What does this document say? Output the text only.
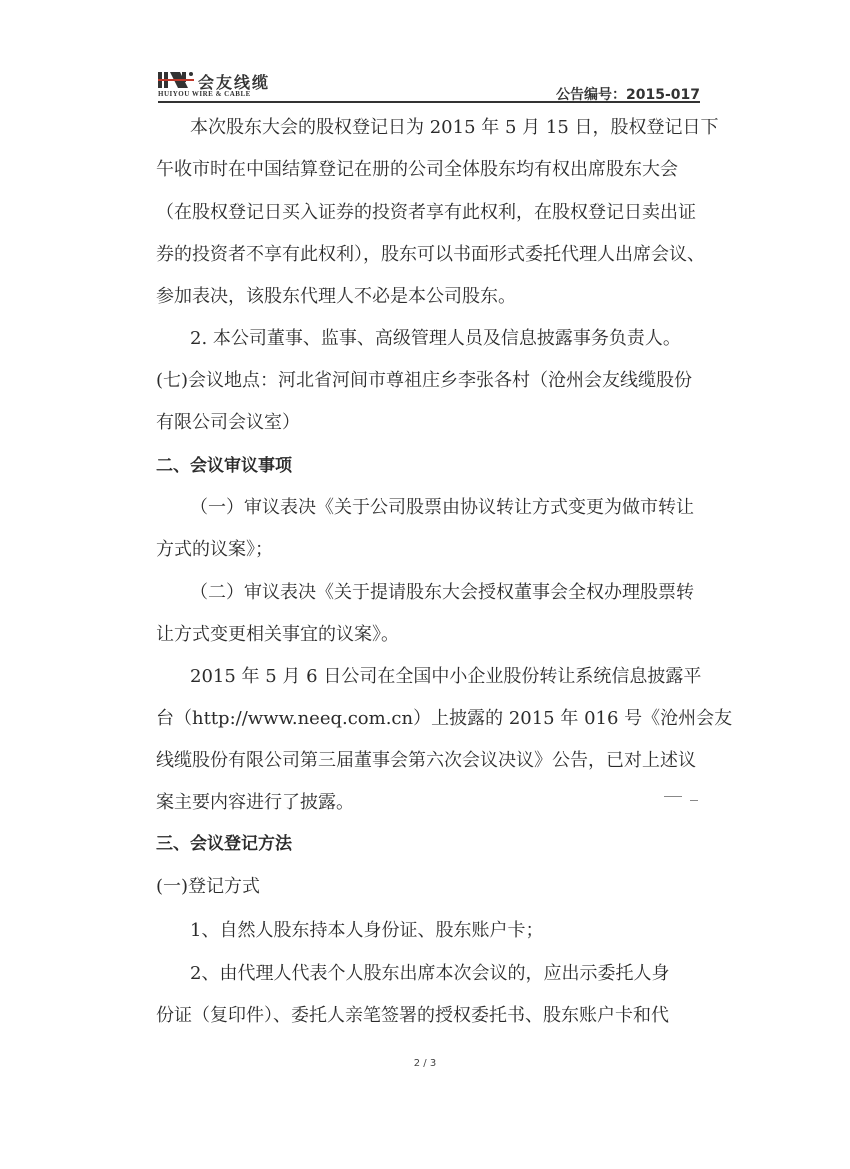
会友线缆
HUIYOU WIRE & CABLE	公告编号：2015-017
本次股东大会的股权登记日为 2015 年 5 月 15 日，股权登记日下
午收市时在中国结算登记在册的公司全体股东均有权出席股东大会
（在股权登记日买入证券的投资者享有此权利，在股权登记日卖出证
券的投资者不享有此权利），股东可以书面形式委托代理人出席会议、
参加表决，该股东代理人不必是本公司股东。
2. 本公司董事、监事、高级管理人员及信息披露事务负责人。
(七)会议地点：河北省河间市尊祖庄乡李张各村（沧州会友线缆股份
有限公司会议室）
二、会议审议事项
（一）审议表决《关于公司股票由协议转让方式变更为做市转让
方式的议案》；
（二）审议表决《关于提请股东大会授权董事会全权办理股票转
让方式变更相关事宜的议案》。
2015 年 5 月 6 日公司在全国中小企业股份转让系统信息披露平
台（http://www.neeq.com.cn）上披露的 2015 年 016 号《沧州会友
线缆股份有限公司第三届董事会第六次会议决议》公告，已对上述议
案主要内容进行了披露。
三、会议登记方法
(一)登记方式
1、自然人股东持本人身份证、股东账户卡；
2、由代理人代表个人股东出席本次会议的，应出示委托人身
份证（复印件）、委托人亲笔签署的授权委托书、股东账户卡和代
2 / 3
